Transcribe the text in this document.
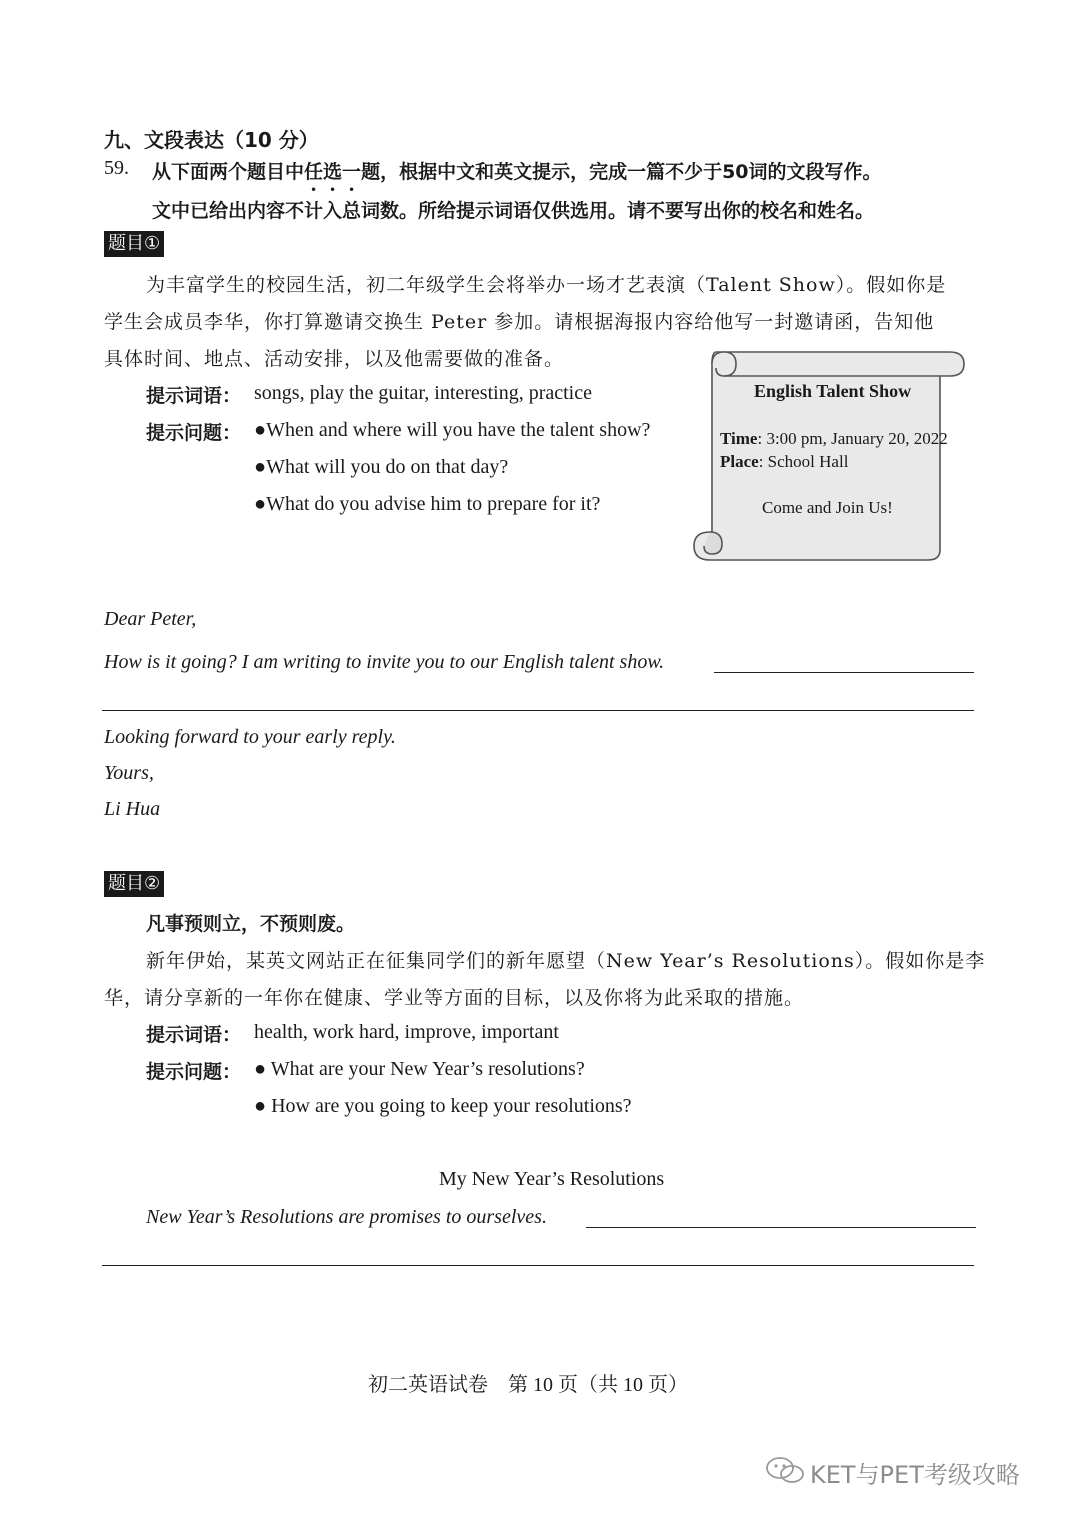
九、文段表达（10 分）
59. 从下面两个题目中任选一题，根据中文和英文提示，完成一篇不少于50词的文段写作。
文中已给出内容不计入总词数。所给提示词语仅供选用。请不要写出你的校名和姓名。
题目①
为丰富学生的校园生活，初二年级学生会将举办一场才艺表演（Talent Show）。假如你是
学生会成员李华，你打算邀请交换生 Peter 参加。请根据海报内容给他写一封邀请函，告知他
具体时间、地点、活动安排，以及他需要做的准备。
提示词语： songs, play the guitar, interesting, practice
提示问题： ●When and where will you have the talent show?
●What will you do on that day?
●What do you advise him to prepare for it?
English Talent Show
Time: 3:00 pm, January 20, 2022
Place: School Hall
Come and Join Us!
Dear Peter,
How is it going? I am writing to invite you to our English talent show.
Looking forward to your early reply.
Yours,
Li Hua
题目②
凡事预则立，不预则废。
新年伊始，某英文网站正在征集同学们的新年愿望（New Year’s Resolutions）。假如你是李
华，请分享新的一年你在健康、学业等方面的目标，以及你将为此采取的措施。
提示词语： health, work hard, improve, important
提示问题： ● What are your New Year’s resolutions?
● How are you going to keep your resolutions?
My New Year’s Resolutions
New Year’s Resolutions are promises to ourselves.
初二英语试卷　第 10 页（共 10 页）
KET与PET考级攻略
